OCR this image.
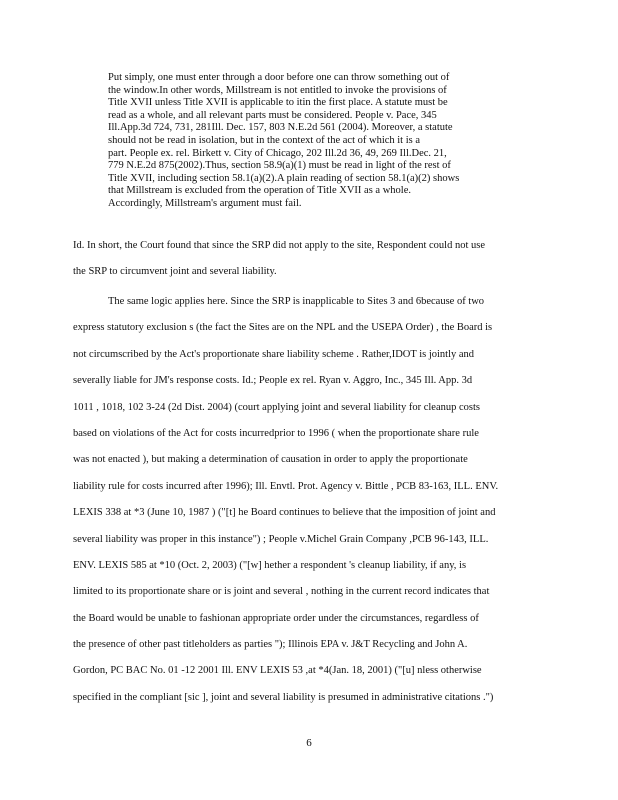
Put simply, one must enter through a door before one can throw something out of
the window.In other words, Millstream is not entitled to invoke the provisions of
Title XVII unless Title XVII is applicable to itin the first place. A statute must be
read as a whole, and all relevant parts must be considered. People v. Pace, 345
Ill.App.3d 724, 731, 281Ill. Dec. 157, 803 N.E.2d 561 (2004). Moreover, a statute
should not be read in isolation, but in the context of the act of which it is a
part. People ex. rel. Birkett v. City of Chicago, 202 Ill.2d 36, 49, 269 Ill.Dec. 21,
779 N.E.2d 875(2002).Thus, section 58.9(a)(1) must be read in light of the rest of
Title XVII, including section 58.1(a)(2).A plain reading of section 58.1(a)(2) shows
that Millstream is excluded from the operation of Title XVII as a whole.
Accordingly, Millstream's argument must fail.
Id. In short, the Court found that since the SRP did not apply to the site, Respondent could not use
the SRP to circumvent joint and several liability.
The same logic applies here. Since the SRP is inapplicable to Sites 3 and 6because of two
express statutory exclusion s (the fact the Sites are on the NPL and the USEPA Order) , the Board is
not circumscribed by the Act's proportionate share liability scheme . Rather,IDOT is jointly and
severally liable for JM's response costs. Id.; People ex rel. Ryan v. Aggro, Inc., 345 Ill. App. 3d
1011 , 1018, 102 3-24 (2d Dist. 2004) (court applying joint and several liability for cleanup costs
based on violations of the Act for costs incurredprior to 1996 ( when the proportionate share rule
was not enacted ), but making a determination of causation in order to apply the proportionate
liability rule for costs incurred after 1996); Ill. Envtl. Prot. Agency v. Bittle , PCB 83-163, ILL. ENV.
LEXIS 338 at *3 (June 10, 1987 ) ("[t] he Board continues to believe that the imposition of joint and
several liability was proper in this instance") ; People v.Michel Grain Company ,PCB 96-143, ILL.
ENV. LEXIS 585 at *10 (Oct. 2, 2003) ("[w] hether a respondent 's cleanup liability, if any, is
limited to its proportionate share or is joint and several , nothing in the current record indicates that
the Board would be unable to fashionan appropriate order under the circumstances, regardless of
the presence of other past titleholders as parties "); Illinois EPA v. J&T Recycling and John A.
Gordon, PC BAC No. 01 -12 2001 Ill. ENV LEXIS 53 ,at *4(Jan. 18, 2001) ("[u] nless otherwise
specified in the compliant [sic ], joint and several liability is presumed in administrative citations .")
6
